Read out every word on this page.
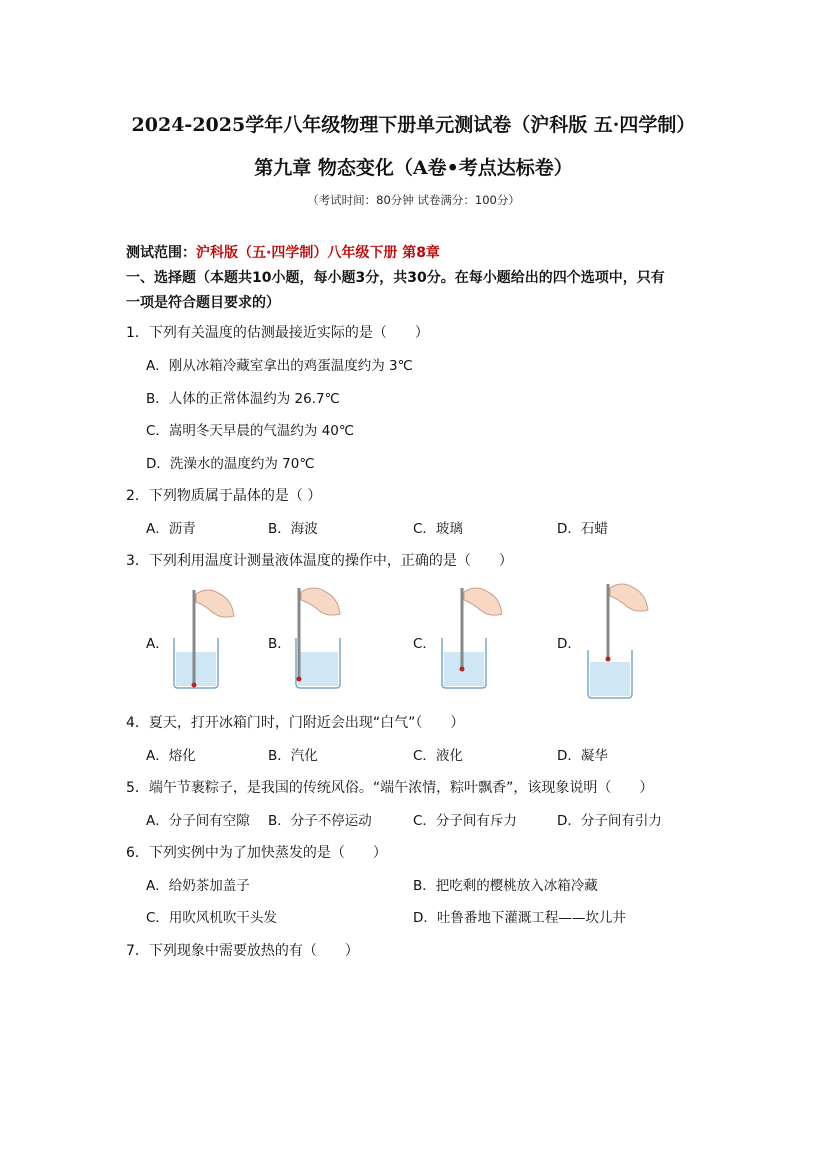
2024-2025学年八年级物理下册单元测试卷（沪科版 五·四学制）
第九章 物态变化（A卷•考点达标卷）
（考试时间：80分钟 试卷满分：100分）
测试范围：沪科版（五·四学制）八年级下册 第8章
一、选择题（本题共10小题，每小题3分，共30分。在每小题给出的四个选项中，只有
一项是符合题目要求的）
1．下列有关温度的估测最接近实际的是（　　）
A．刚从冰箱冷藏室拿出的鸡蛋温度约为 3℃
B．人体的正常体温约为 26.7℃
C．嵩明冬天早晨的气温约为 40℃
D．洗澡水的温度约为 70℃
2．下列物质属于晶体的是（ ）
A．沥青	B．海波	C．玻璃	D．石蜡
3．下列利用温度计测量液体温度的操作中，正确的是（　　）
A．	B．	C．	D．
4．夏天，打开冰箱门时，门附近会出现“白气”（　　）
A．熔化	B．汽化	C．液化	D．凝华
5．端午节裹粽子，是我国的传统风俗。“端午浓情，粽叶飘香”，该现象说明（　　）
A．分子间有空隙 B．分子不停运动	C．分子间有斥力	D．分子间有引力
6．下列实例中为了加快蒸发的是（　　）
A．给奶茶加盖子	B．把吃剩的樱桃放入冰箱冷藏
C．用吹风机吹干头发	D．吐鲁番地下灌溉工程——坎儿井
7．下列现象中需要放热的有（　　）
